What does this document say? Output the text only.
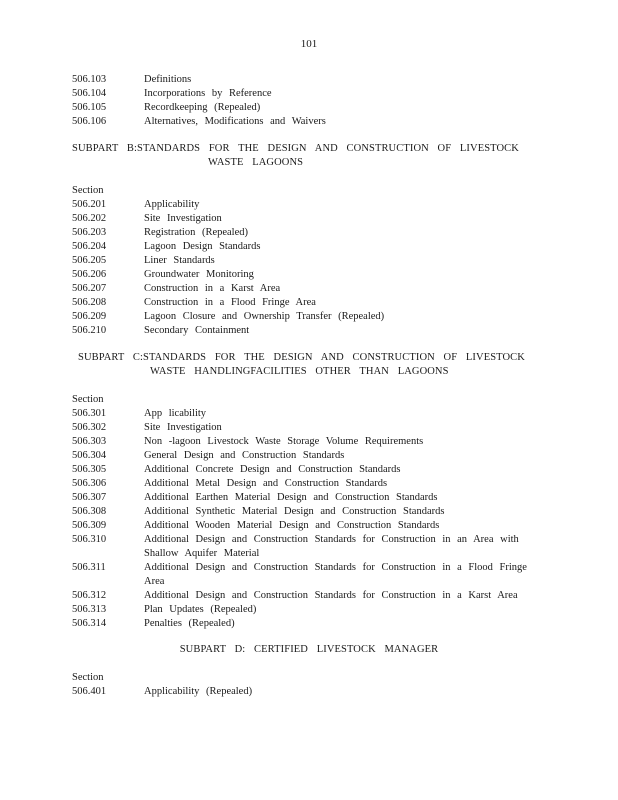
101
506.103	Definitions
506.104	Incorporations by Reference
506.105	Recordkeeping (Repealed)
506.106	Alternatives, Modifications and Waivers
SUBPART B:STANDARDS FOR THE DESIGN AND CONSTRUCTION OF LIVESTOCK
WASTE LAGOONS
Section
506.201	Applicability
506.202	Site Investigation
506.203	Registration (Repealed)
506.204	Lagoon Design Standards
506.205	Liner Standards
506.206	Groundwater Monitoring
506.207	Construction in a Karst Area
506.208	Construction in a Flood Fringe Area
506.209	Lagoon Closure and Ownership Transfer (Repealed)
506.210	Secondary Containment
SUBPART C:STANDARDS FOR THE DESIGN AND CONSTRUCTION OF LIVESTOCK
WASTE HANDLINGFACILITIES OTHER THAN LAGOONS
Section
506.301	App licability
506.302	Site Investigation
506.303	Non -lagoon Livestock Waste Storage Volume Requirements
506.304	General Design and Construction Standards
506.305	Additional Concrete Design and Construction Standards
506.306	Additional Metal Design and Construction Standards
506.307	Additional Earthen Material Design and Construction Standards
506.308	Additional Synthetic Material Design and Construction Standards
506.309	Additional Wooden Material Design and Construction Standards
506.310	Additional Design and Construction Standards for Construction in an Area with Shallow Aquifer Material
506.311	Additional Design and Construction Standards for Construction in a Flood Fringe Area
506.312	Additional Design and Construction Standards for Construction in a Karst Area
506.313	Plan Updates (Repealed)
506.314	Penalties (Repealed)
SUBPART D: CERTIFIED LIVESTOCK MANAGER
Section
506.401	Applicability (Repealed)
